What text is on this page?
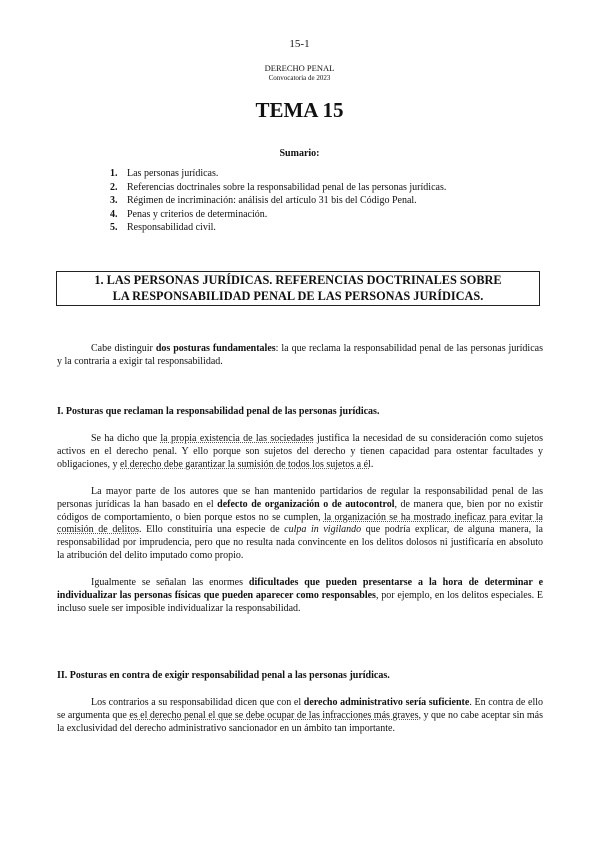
15-1
DERECHO PENAL
Convocatoria de 2023
TEMA 15
Sumario:
1. Las personas jurídicas.
2. Referencias doctrinales sobre la responsabilidad penal de las personas jurídicas.
3. Régimen de incriminación: análisis del artículo 31 bis del Código Penal.
4. Penas y criterios de determinación.
5. Responsabilidad civil.
1. LAS PERSONAS JURÍDICAS. REFERENCIAS DOCTRINALES SOBRE
LA RESPONSABILIDAD PENAL DE LAS PERSONAS JURÍDICAS.

Cabe distinguir dos posturas fundamentales: la que reclama la responsabilidad penal de las personas jurídicas y la contraria a exigir tal responsabilidad.

I. Posturas que reclaman la responsabilidad penal de las personas jurídicas.

Se ha dicho que la propia existencia de las sociedades justifica la necesidad de su consideración como sujetos activos en el derecho penal. Y ello porque son sujetos del derecho y tienen capacidad para ostentar facultades y obligaciones, y el derecho debe garantizar la sumisión de todos los sujetos a él.

La mayor parte de los autores que se han mantenido partidarios de regular la responsabilidad penal de las personas jurídicas la han basado en el defecto de organización o de autocontrol, de manera que, bien por no existir códigos de comportamiento, o bien porque estos no se cumplen, la organización se ha mostrado ineficaz para evitar la comisión de delitos. Ello constituiría una especie de culpa in vigilando que podría explicar, de alguna manera, la responsabilidad por imprudencia, pero que no resulta nada convincente en los delitos dolosos ni justificaría en absoluto la atribución del delito imputado como propio.

Igualmente se señalan las enormes dificultades que pueden presentarse a la hora de determinar e individualizar las personas físicas que pueden aparecer como responsables, por ejemplo, en los delitos especiales. E incluso suele ser imposible individualizar la responsabilidad.

II. Posturas en contra de exigir responsabilidad penal a las personas jurídicas.

Los contrarios a su responsabilidad dicen que con el derecho administrativo sería suficiente. En contra de ello se argumenta que es el derecho penal el que se debe ocupar de las infracciones más graves, y que no cabe aceptar sin más la exclusividad del derecho administrativo sancionador en un ámbito tan importante.
